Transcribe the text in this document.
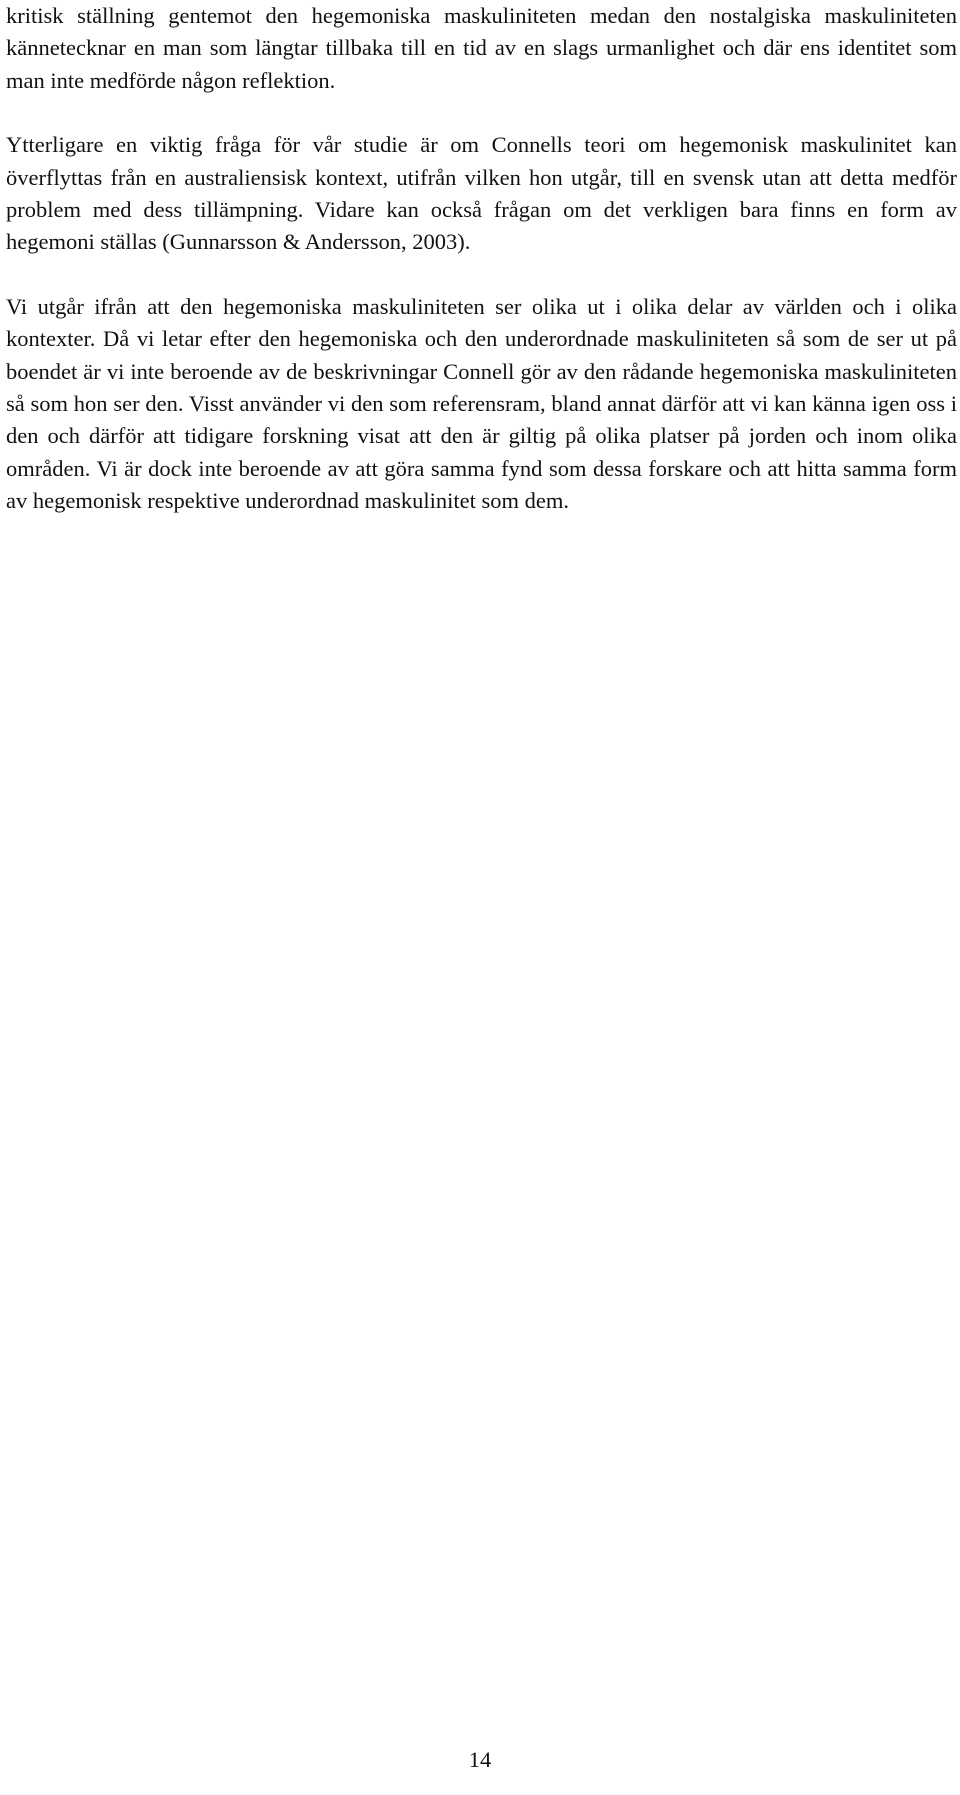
kritisk ställning gentemot den hegemoniska maskuliniteten medan den nostalgiska maskuliniteten kännetecknar en man som längtar tillbaka till en tid av en slags urmanlighet och där ens identitet som man inte medförde någon reflektion.

Ytterligare en viktig fråga för vår studie är om Connells teori om hegemonisk maskulinitet kan överflyttas från en australiensisk kontext, utifrån vilken hon utgår, till en svensk utan att detta medför problem med dess tillämpning. Vidare kan också frågan om det verkligen bara finns en form av hegemoni ställas (Gunnarsson & Andersson, 2003).

Vi utgår ifrån att den hegemoniska maskuliniteten ser olika ut i olika delar av världen och i olika kontexter. Då vi letar efter den hegemoniska och den underordnade maskuliniteten så som de ser ut på boendet är vi inte beroende av de beskrivningar Connell gör av den rådande hegemoniska maskuliniteten så som hon ser den. Visst använder vi den som referensram, bland annat därför att vi kan känna igen oss i den och därför att tidigare forskning visat att den är giltig på olika platser på jorden och inom olika områden. Vi är dock inte beroende av att göra samma fynd som dessa forskare och att hitta samma form av hegemonisk respektive underordnad maskulinitet som dem.

14
